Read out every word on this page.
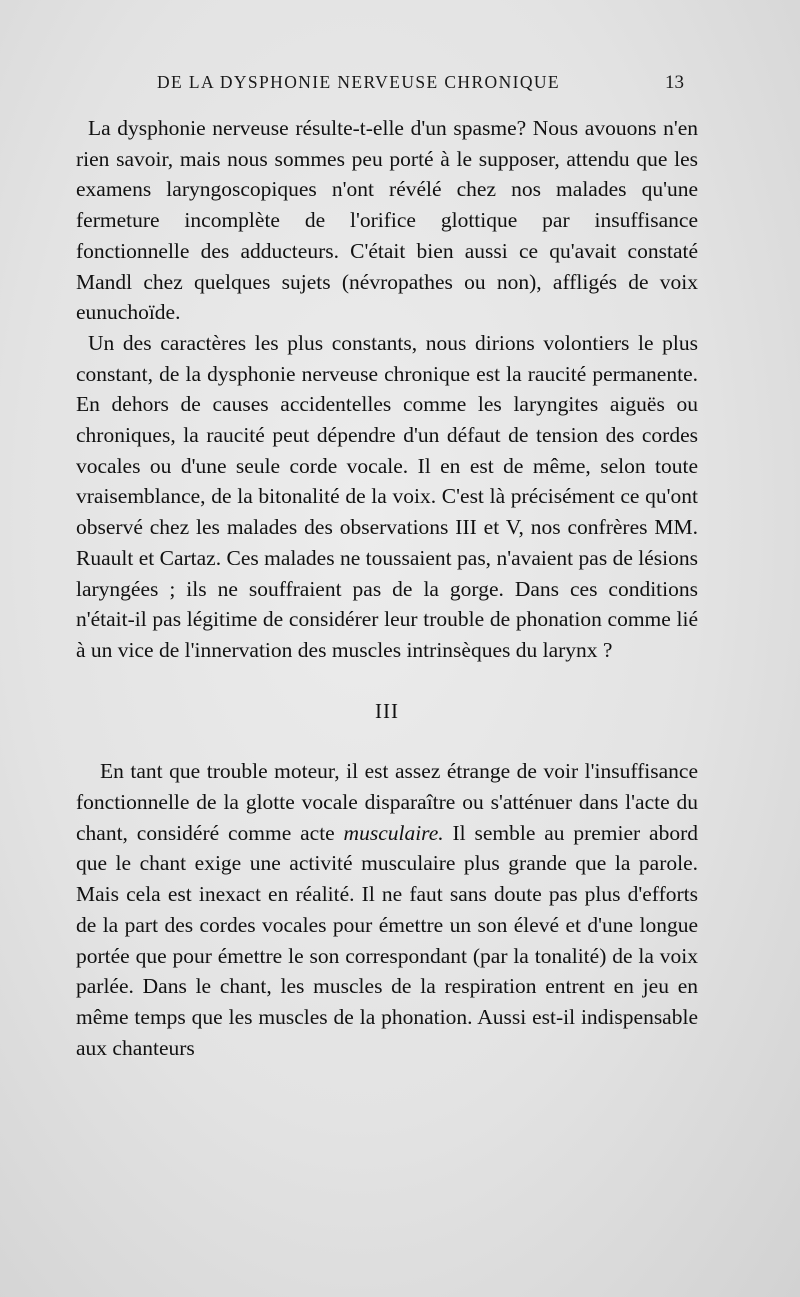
DE LA DYSPHONIE NERVEUSE CHRONIQUE	13

La dysphonie nerveuse résulte-t-elle d'un spasme? Nous avouons n'en rien savoir, mais nous sommes peu porté à le supposer, attendu que les examens laryngoscopiques n'ont révélé chez nos malades qu'une fermeture incomplète de l'orifice glottique par insuffisance fonctionnelle des adducteurs. C'était bien aussi ce qu'avait constaté Mandl chez quelques sujets (névropathes ou non), affligés de voix eunuchoïde.

Un des caractères les plus constants, nous dirions volontiers le plus constant, de la dysphonie nerveuse chronique est la raucité permanente. En dehors de causes accidentelles comme les laryngites aiguës ou chroniques, la raucité peut dépendre d'un défaut de tension des cordes vocales ou d'une seule corde vocale. Il en est de même, selon toute vraisemblance, de la bitonalité de la voix. C'est là précisément ce qu'ont observé chez les malades des observations III et V, nos confrères MM. Ruault et Cartaz. Ces malades ne toussaient pas, n'avaient pas de lésions laryngées ; ils ne souffraient pas de la gorge. Dans ces conditions n'était-il pas légitime de considérer leur trouble de phonation comme lié à un vice de l'innervation des muscles intrinsèques du larynx ?

III

En tant que trouble moteur, il est assez étrange de voir l'insuffisance fonctionnelle de la glotte vocale disparaître ou s'atténuer dans l'acte du chant, considéré comme acte musculaire. Il semble au premier abord que le chant exige une activité musculaire plus grande que la parole. Mais cela est inexact en réalité. Il ne faut sans doute pas plus d'efforts de la part des cordes vocales pour émettre un son élevé et d'une longue portée que pour émettre le son correspondant (par la tonalité) de la voix parlée. Dans le chant, les muscles de la respiration entrent en jeu en même temps que les muscles de la phonation. Aussi est-il indispensable aux chanteurs
